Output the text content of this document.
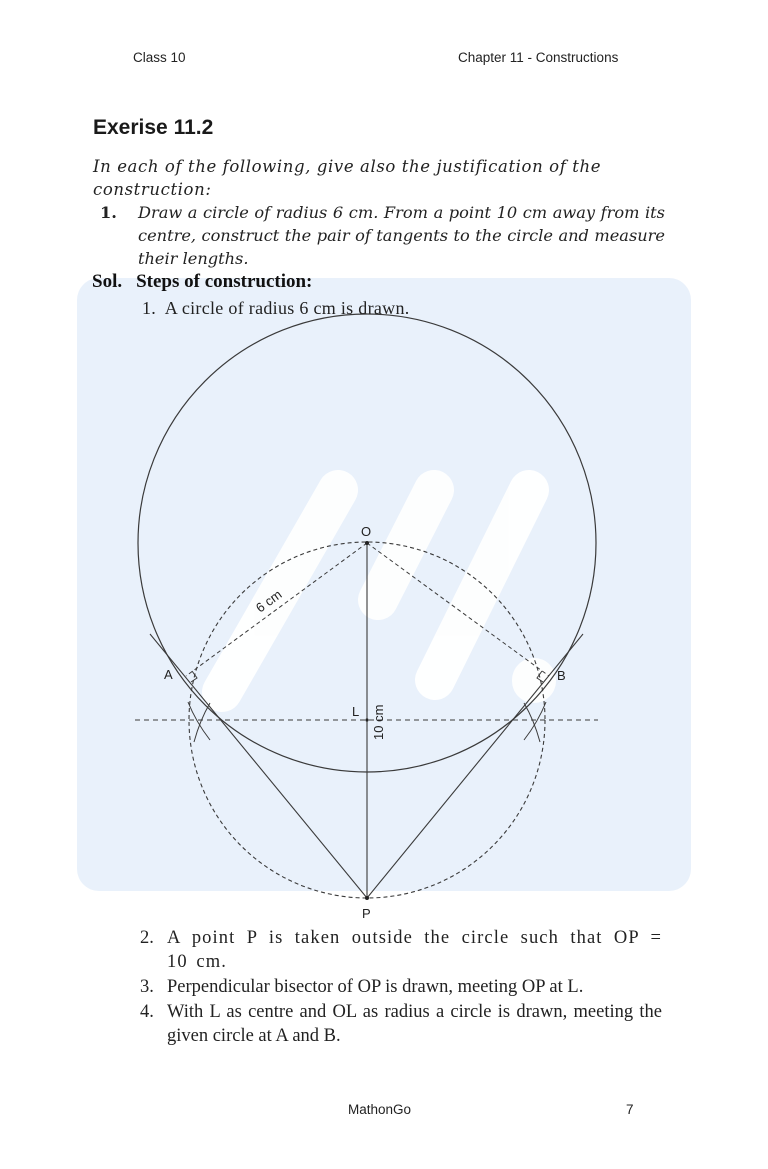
Class 10	Chapter 11 - Constructions
Exerise 11.2
In each of the following, give also the justification of the construction:
1.	Draw a circle of radius 6 cm. From a point 10 cm away from its centre, construct the pair of tangents to the circle and measure their lengths.
Sol. Steps of construction:
1. A circle of radius 6 cm is drawn.
O
A	B
L
P
6 cm
10 cm
2. A point P is taken outside the circle such that OP = 10 cm.
3. Perpendicular bisector of OP is drawn, meeting OP at L.
4. With L as centre and OL as radius a circle is drawn, meeting the given circle at A and B.
MathonGo	7
